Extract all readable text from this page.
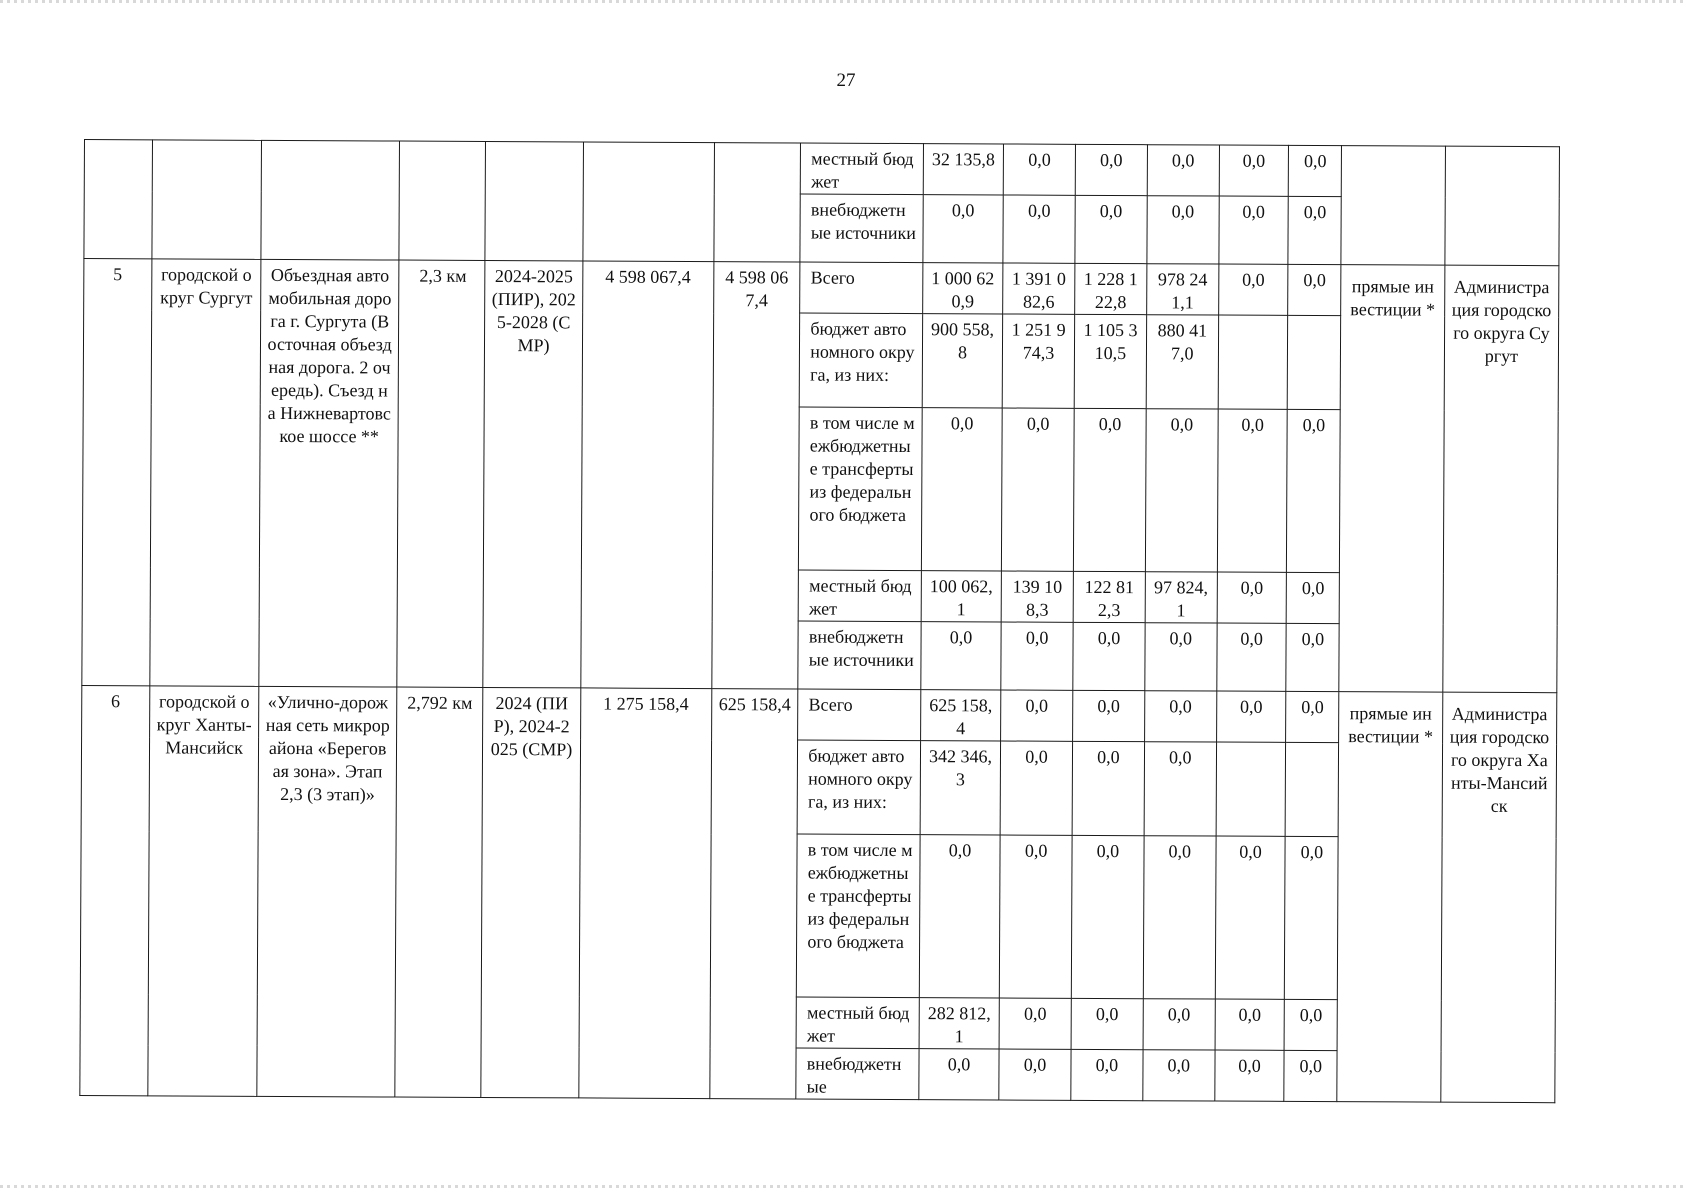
27
							местный бюджет	32 135,8	0,0	0,0	0,0	0,0	0,0		
							внебюджетные источники	0,0	0,0	0,0	0,0	0,0	0,0		
5	городской округ Сургут	Объездная автомобильная дорога г. Сургута (Восточная объездная дорога. 2 очередь). Съезд на Нижневартовское шоссе **	2,3 км	2024-2025 (ПИР), 2025-2028 (СМР)	4 598 067,4	4 598 067,4	Всего	1 000 620,9	1 391 082,6	1 228 122,8	978 241,1	0,0	0,0	прямые инвестиции *	Администрация городского округа Сургут
							бюджет автономного округа, из них:	900 558,8	1 251 974,3	1 105 310,5	880 417,0				
							в том числе межбюджетные трансферты из федерального бюджета	0,0	0,0	0,0	0,0	0,0	0,0		
							местный бюджет	100 062,1	139 108,3	122 812,3	97 824,1	0,0	0,0		
							внебюджетные источники	0,0	0,0	0,0	0,0	0,0	0,0		
6	городской округ Ханты-Мансийск	«Улично-дорожная сеть микрорайона «Береговая зона». Этап 2,3 (3 этап)»	2,792 км	2024 (ПИР), 2024-2025 (СМР)	1 275 158,4	625 158,4	Всего	625 158,4	0,0	0,0	0,0	0,0	0,0	прямые инвестиции *	Администрация городского округа Ханты-Мансийск
							бюджет автономного округа, из них:	342 346,3	0,0	0,0	0,0				
							в том числе межбюджетные трансферты из федерального бюджета	0,0	0,0	0,0	0,0	0,0	0,0		
							местный бюджет	282 812,1	0,0	0,0	0,0	0,0	0,0		
							внебюджетные	0,0	0,0	0,0	0,0	0,0	0,0		
